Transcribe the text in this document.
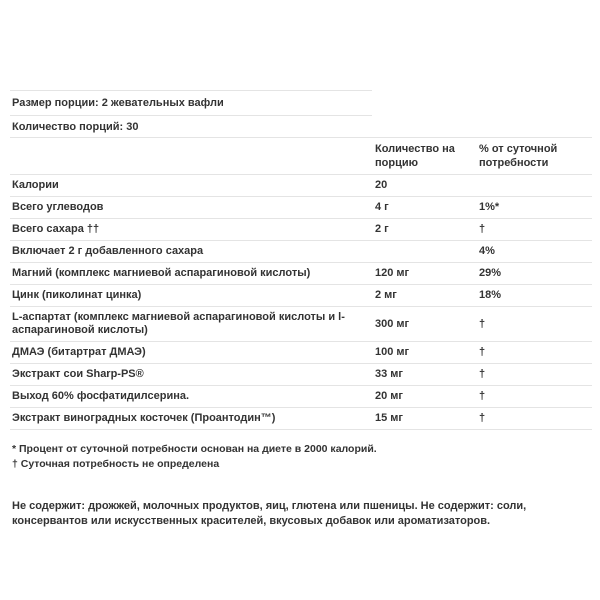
Размер порции: 2 жевательных вафли
Количество порций: 30
	Количество на порцию	% от суточной потребности
Калории	20	
Всего углеводов	4 г	1%*
Всего сахара ††	2 г	†
Включает 2 г добавленного сахара		4%
Магний (комплекс магниевой аспарагиновой кислоты)	120 мг	29%
Цинк (пиколинат цинка)	2 мг	18%
L-аспартат (комплекс магниевой аспарагиновой кислоты и l-аспарагиновой кислоты)	300 мг	†
ДМАЭ (битартрат ДМАЭ)	100 мг	†
Экстракт сои Sharp-PS®	33 мг	†
Выход 60% фосфатидилсерина.	20 мг	†
Экстракт виноградных косточек (Проантодин™)	15 мг	†
* Процент от суточной потребности основан на диете в 2000 калорий.
† Суточная потребность не определена
Не содержит: дрожжей, молочных продуктов, яиц, глютена или пшеницы. Не содержит: соли, консервантов или искусственных красителей, вкусовых добавок или ароматизаторов.
